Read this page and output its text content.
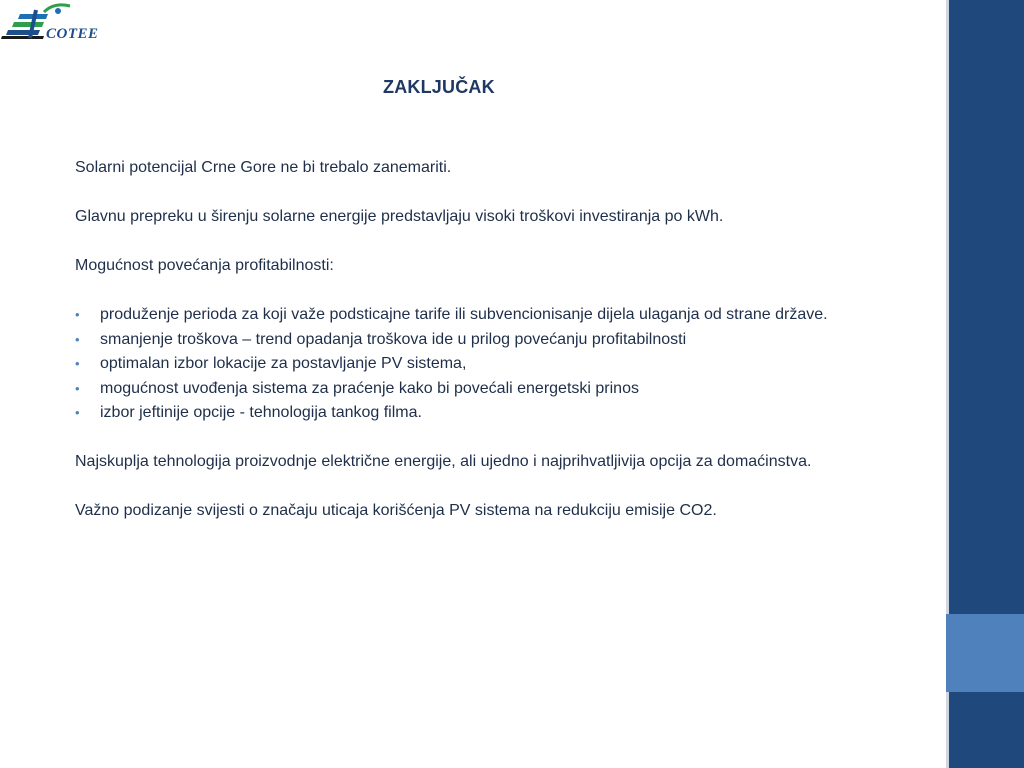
COTEE
ZAKLJUČAK

Solarni potencijal Crne Gore ne bi trebalo zanemariti.

Glavnu prepreku u širenju solarne energije predstavljaju visoki troškovi investiranja po kWh.

Mogućnost povećanja profitabilnosti:

• produženje perioda za koji važe podsticajne tarife ili subvencionisanje dijela ulaganja od strane države.
• smanjenje troškova – trend opadanja troškova ide u prilog povećanju profitabilnosti
• optimalan izbor lokacije za postavljanje PV sistema,
• mogućnost uvođenja sistema za praćenje kako bi povećali energetski prinos
• izbor jeftinije opcije - tehnologija tankog filma.

Najskuplja tehnologija proizvodnje električne energije, ali ujedno i najprihvatljivija opcija za domaćinstva.

Važno podizanje svijesti o značaju uticaja korišćenja PV sistema na redukciju emisije CO2.
